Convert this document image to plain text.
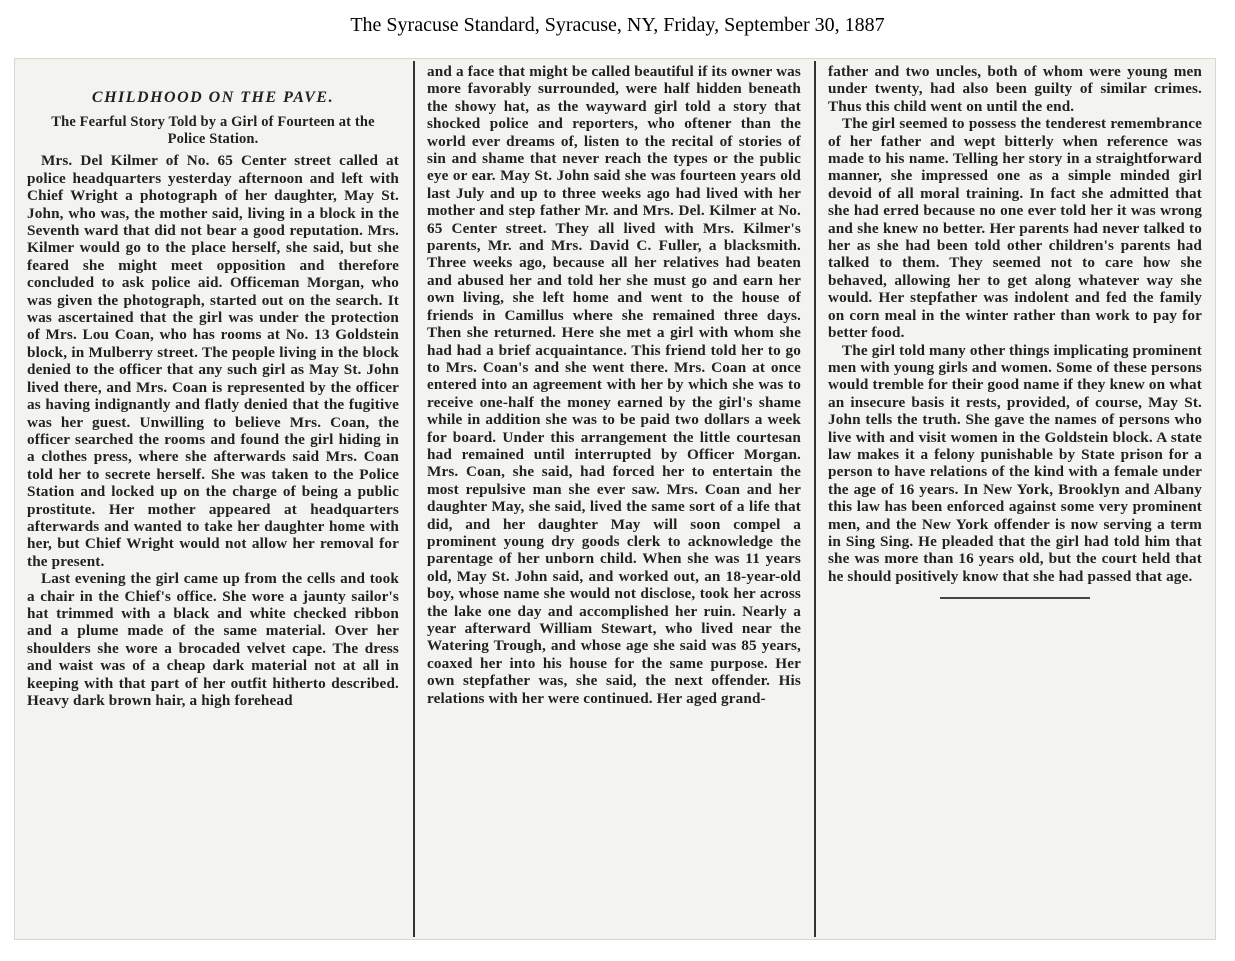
The Syracuse Standard, Syracuse, NY, Friday, September 30, 1887
CHILDHOOD ON THE PAVE.
The Fearful Story Told by a Girl of Fourteen at the Police Station.

Mrs. Del Kilmer of No. 65 Center street called at police headquarters yesterday afternoon and left with Chief Wright a photograph of her daughter, May St. John, who was, the mother said, living in a block in the Seventh ward that did not bear a good reputation. Mrs. Kilmer would go to the place herself, she said, but she feared she might meet opposition and therefore concluded to ask police aid. Officeman Morgan, who was given the photograph, started out on the search. It was ascertained that the girl was under the protection of Mrs. Lou Coan, who has rooms at No. 13 Goldstein block, in Mulberry street. The people living in the block denied to the officer that any such girl as May St. John lived there, and Mrs. Coan is represented by the officer as having indignantly and flatly denied that the fugitive was her guest. Unwilling to believe Mrs. Coan, the officer searched the rooms and found the girl hiding in a clothes press, where she afterwards said Mrs. Coan told her to secrete herself. She was taken to the Police Station and locked up on the charge of being a public prostitute. Her mother appeared at headquarters afterwards and wanted to take her daughter home with her, but Chief Wright would not allow her removal for the present.

Last evening the girl came up from the cells and took a chair in the Chief's office. She wore a jaunty sailor's hat trimmed with a black and white checked ribbon and a plume made of the same material. Over her shoulders she wore a brocaded velvet cape. The dress and waist was of a cheap dark material not at all in keeping with that part of her outfit hitherto described. Heavy dark brown hair, a high forehead

and a face that might be called beautiful if its owner was more favorably surrounded, were half hidden beneath the showy hat, as the wayward girl told a story that shocked police and reporters, who oftener than the world ever dreams of, listen to the recital of stories of sin and shame that never reach the types or the public eye or ear. May St. John said she was fourteen years old last July and up to three weeks ago had lived with her mother and step father Mr. and Mrs. Del. Kilmer at No. 65 Center street. They all lived with Mrs. Kilmer's parents, Mr. and Mrs. David C. Fuller, a blacksmith. Three weeks ago, because all her relatives had beaten and abused her and told her she must go and earn her own living, she left home and went to the house of friends in Camillus where she remained three days. Then she returned. Here she met a girl with whom she had had a brief acquaintance. This friend told her to go to Mrs. Coan's and she went there. Mrs. Coan at once entered into an agreement with her by which she was to receive one-half the money earned by the girl's shame while in addition she was to be paid two dollars a week for board. Under this arrangement the little courtesan had remained until interrupted by Officer Morgan. Mrs. Coan, she said, had forced her to entertain the most repulsive man she ever saw. Mrs. Coan and her daughter May, she said, lived the same sort of a life that did, and her daughter May will soon compel a prominent young dry goods clerk to acknowledge the parentage of her unborn child. When she was 11 years old, May St. John said, and worked out, an 18-year-old boy, whose name she would not disclose, took her across the lake one day and accomplished her ruin. Nearly a year afterward William Stewart, who lived near the Watering Trough, and whose age she said was 85 years, coaxed her into his house for the same purpose. Her own stepfather was, she said, the next offender. His relations with her were continued. Her aged grand-

father and two uncles, both of whom were young men under twenty, had also been guilty of similar crimes. Thus this child went on until the end.

The girl seemed to possess the tenderest remembrance of her father and wept bitterly when reference was made to his name. Telling her story in a straightforward manner, she impressed one as a simple minded girl devoid of all moral training. In fact she admitted that she had erred because no one ever told her it was wrong and she knew no better. Her parents had never talked to her as she had been told other children's parents had talked to them. They seemed not to care how she behaved, allowing her to get along whatever way she would. Her stepfather was indolent and fed the family on corn meal in the winter rather than work to pay for better food.

The girl told many other things implicating prominent men with young girls and women. Some of these persons would tremble for their good name if they knew on what an insecure basis it rests, provided, of course, May St. John tells the truth. She gave the names of persons who live with and visit women in the Goldstein block. A state law makes it a felony punishable by State prison for a person to have relations of the kind with a female under the age of 16 years. In New York, Brooklyn and Albany this law has been enforced against some very prominent men, and the New York offender is now serving a term in Sing Sing. He pleaded that the girl had told him that she was more than 16 years old, but the court held that he should positively know that she had passed that age.
